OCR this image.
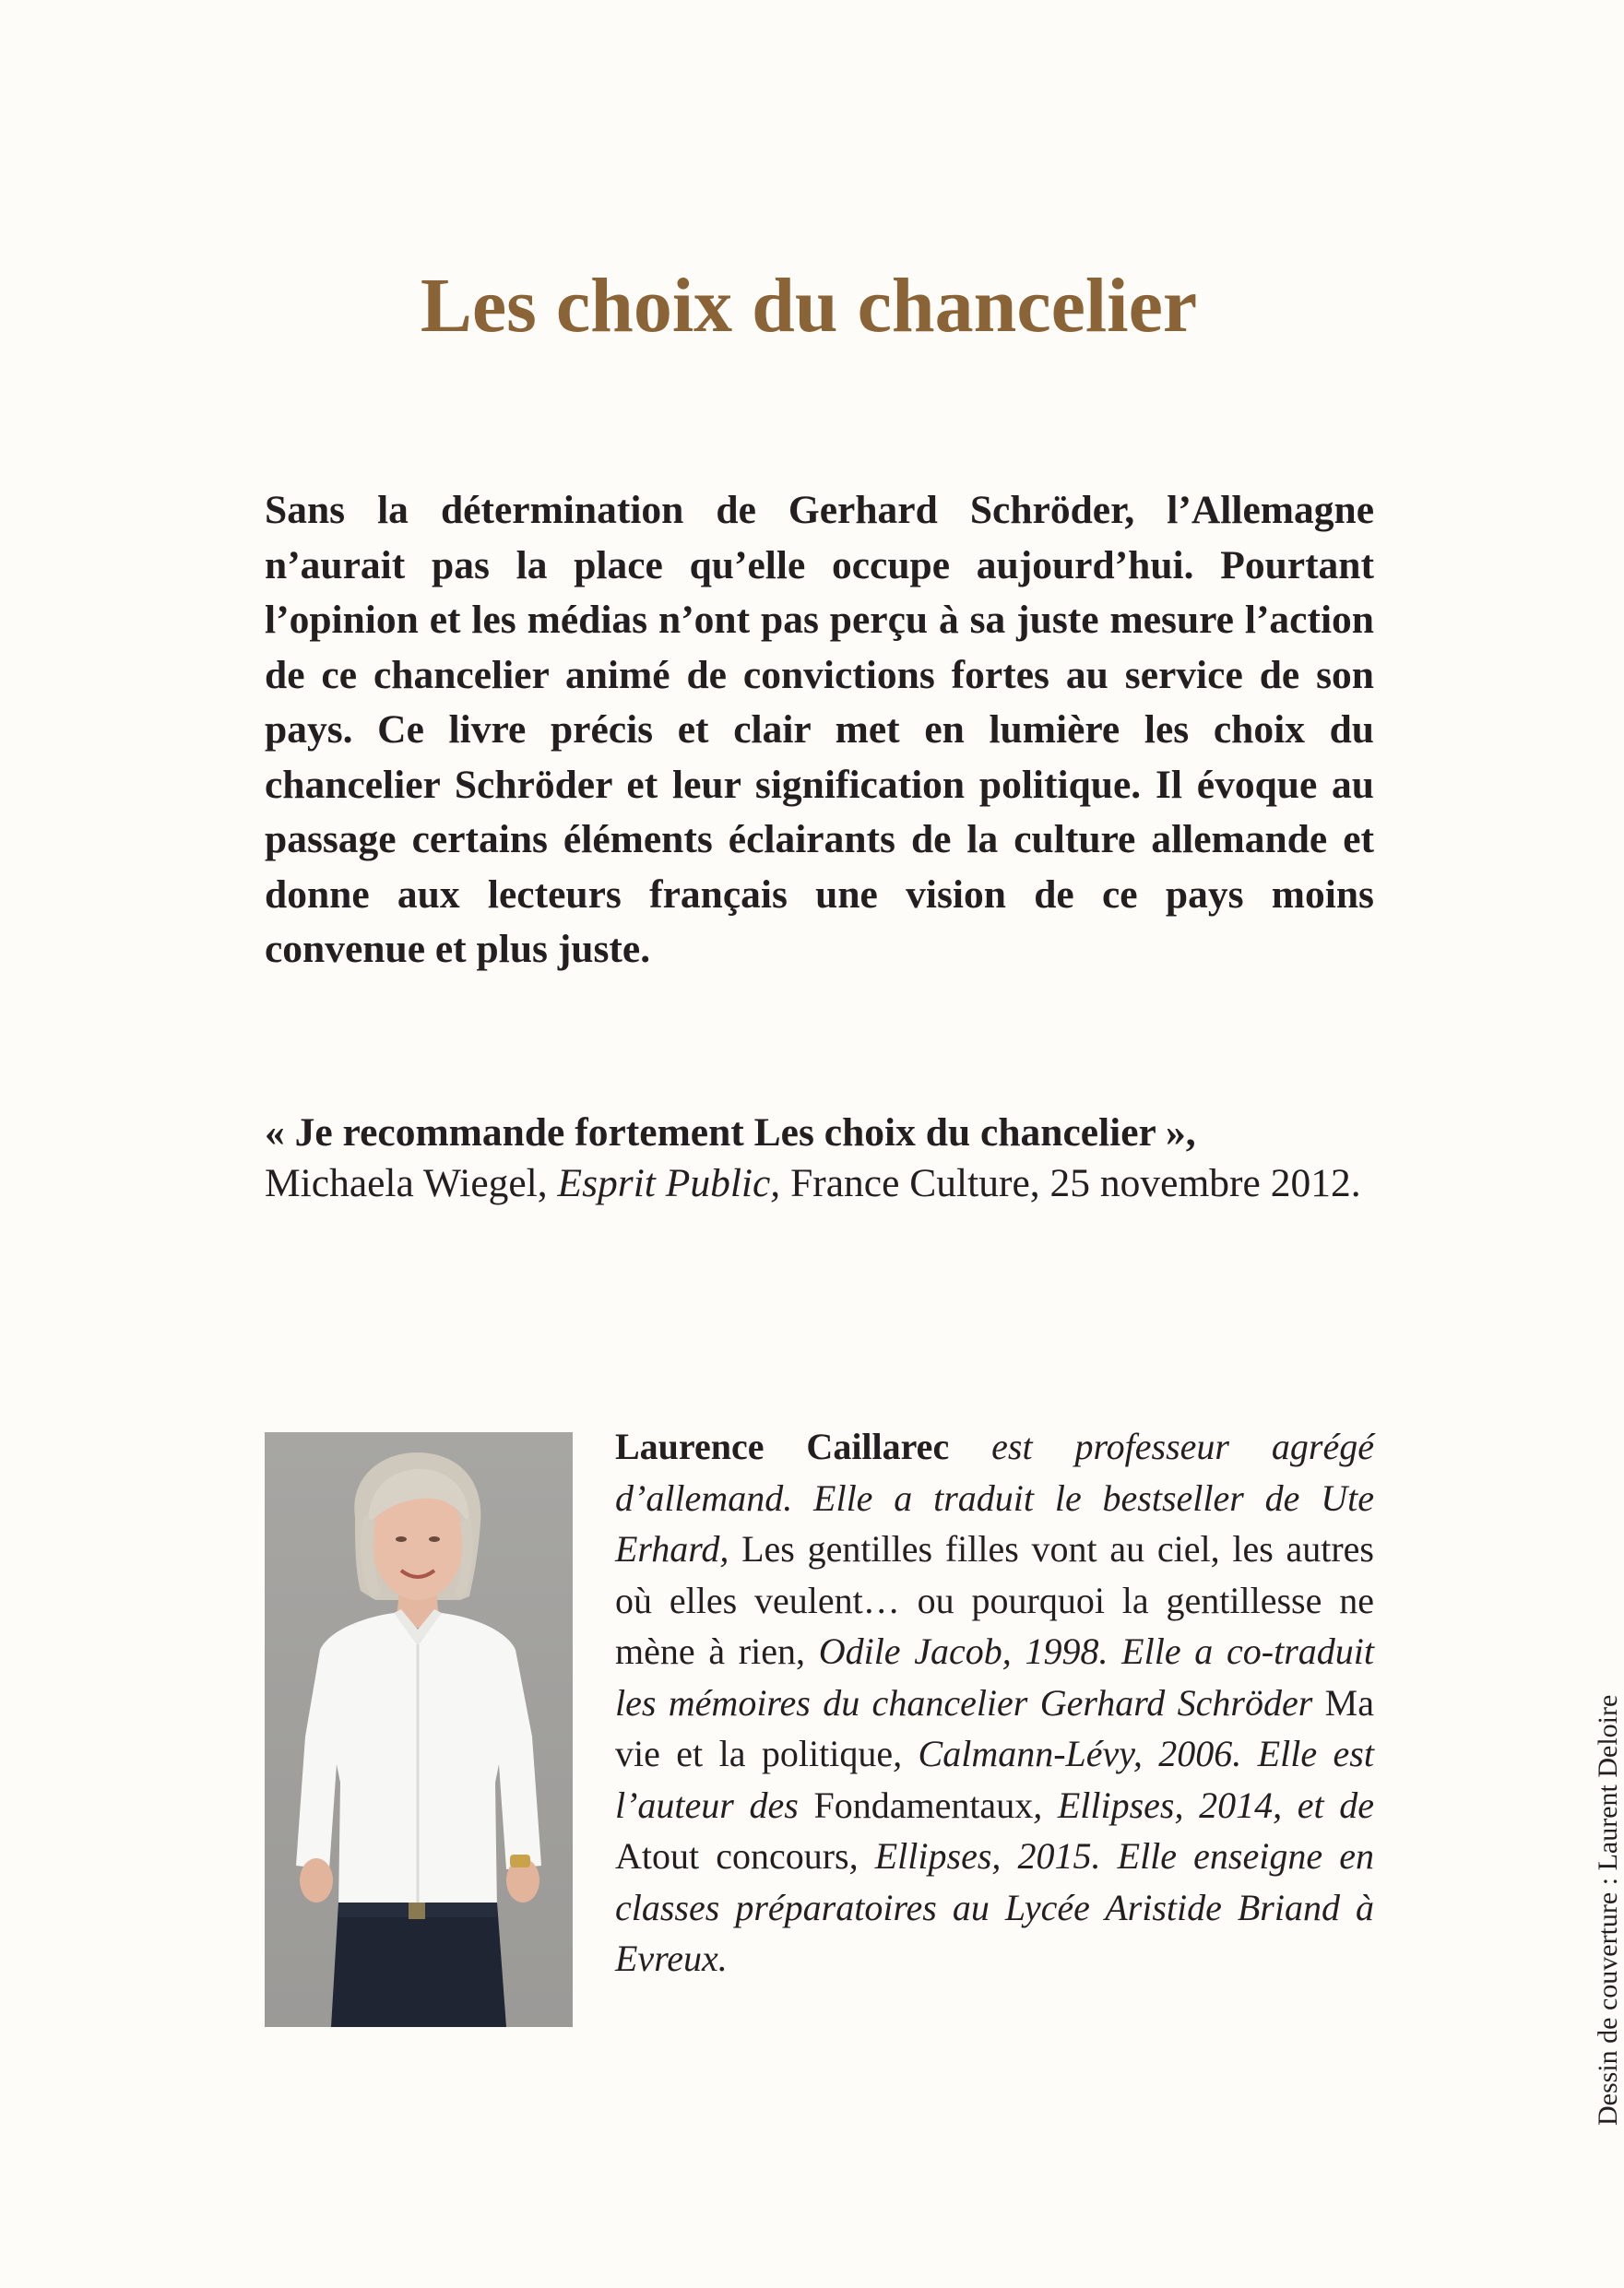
Les choix du chancelier

Sans la détermination de Gerhard Schröder, l’Allemagne n’aurait pas la place qu’elle occupe aujourd’hui. Pourtant l’opinion et les médias n’ont pas perçu à sa juste mesure l’action de ce chancelier animé de convictions fortes au service de son pays. Ce livre précis et clair met en lumière les choix du chancelier Schröder et leur signification politique. Il évoque au passage certains éléments éclairants de la culture allemande et donne aux lecteurs français une vision de ce pays moins convenue et plus juste.

« Je recommande fortement Les choix du chancelier »,
Michaela Wiegel, Esprit Public, France Culture, 25 novembre 2012.

Laurence Caillarec est professeur agrégé d’allemand. Elle a traduit le bestseller de Ute Erhard, Les gentilles filles vont au ciel, les autres où elles veulent… ou pourquoi la gentillesse ne mène à rien, Odile Jacob, 1998. Elle a co-traduit les mémoires du chancelier Gerhard Schröder Ma vie et la politique, Calmann-Lévy, 2006. Elle est l’auteur des Fondamentaux, Ellipses, 2014, et de Atout concours, Ellipses, 2015. Elle enseigne en classes préparatoires au Lycée Aristide Briand à Evreux.	Dessin de couverture : Laurent Deloire
